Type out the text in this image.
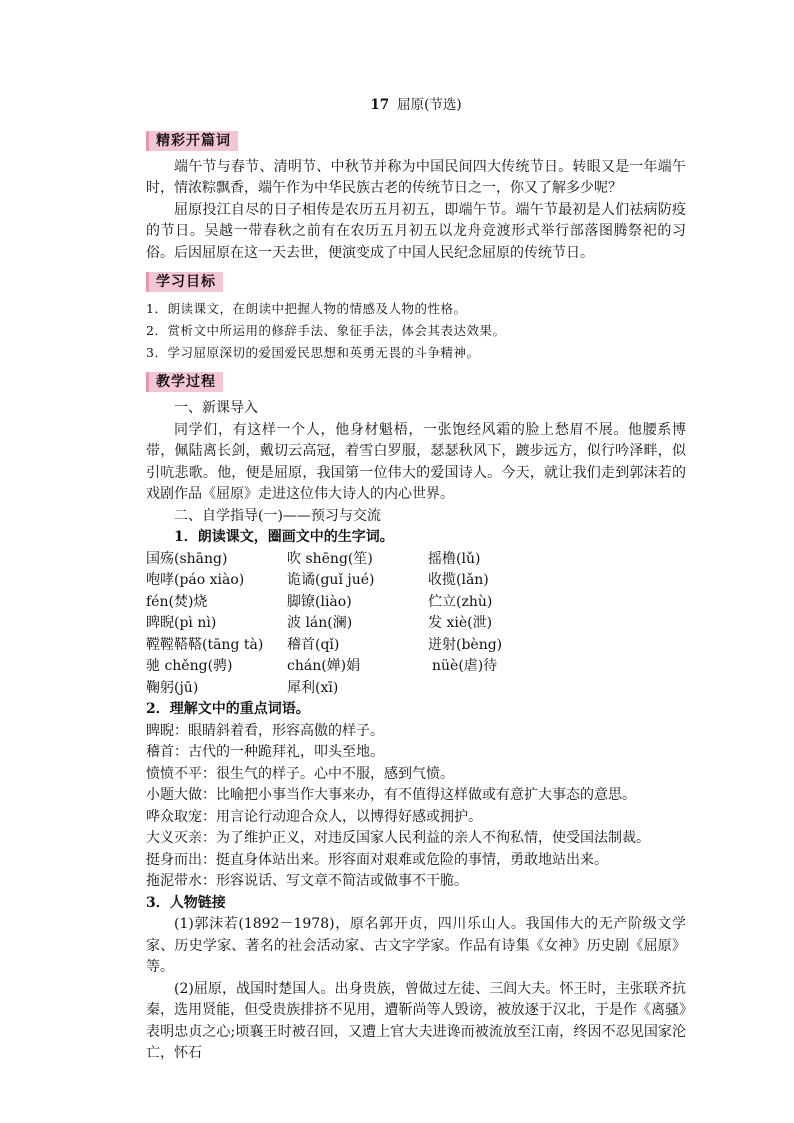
17 屈原(节选)
精彩开篇词

端午节与春节、清明节、中秋节并称为中国民间四大传统节日。转眼又是一年端午时，情浓粽飘香，端午作为中华民族古老的传统节日之一，你又了解多少呢？

屈原投江自尽的日子相传是农历五月初五，即端午节。端午节最初是人们祛病防疫的节日。吴越一带春秋之前有在农历五月初五以龙舟竞渡形式举行部落图腾祭祀的习俗。后因屈原在这一天去世，便演变成了中国人民纪念屈原的传统节日。

学习目标

1．朗读课文，在朗读中把握人物的情感及人物的性格。

2．赏析文中所运用的修辞手法、象征手法，体会其表达效果。

3．学习屈原深切的爱国爱民思想和英勇无畏的斗争精神。

教学过程

一、新课导入

同学们，有这样一个人，他身材魁梧，一张饱经风霜的脸上愁眉不展。他腰系博带，佩陆离长剑，戴切云高冠，着雪白罗服，瑟瑟秋风下，踱步远方，似行吟泽畔，似引吭悲歌。他，便是屈原，我国第一位伟大的爱国诗人。今天，就让我们走到郭沫若的戏剧作品《屈原》走进这位伟大诗人的内心世界。

二、自学指导(一)——预习与交流

1．朗读课文，圈画文中的生字词。

国殇(shāng)	吹 shēng(笙)	摇橹(lǔ)
咆哮(páo xiào)	诡谲(guǐ jué)	收揽(lǎn)
fén(焚)烧	脚镣(liào)	伫立(zhù)
睥睨(pì nì)	波 lán(澜)	发 xiè(泄)
鞺鞺鞳鞳(tāng tà)	稽首(qǐ)	迸射(bèng)
驰 chěng(骋)	chán(婵)娟	nüè(虐)待
鞠躬(jū)	犀利(xī)

2．理解文中的重点词语。

睥睨：眼睛斜着看，形容高傲的样子。

稽首：古代的一种跪拜礼，叩头至地。

愤愤不平：很生气的样子。心中不服，感到气愤。

小题大做：比喻把小事当作大事来办，有不值得这样做或有意扩大事态的意思。

哗众取宠：用言论行动迎合众人，以博得好感或拥护。

大义灭亲：为了维护正义，对违反国家人民利益的亲人不徇私情，使受国法制裁。

挺身而出：挺直身体站出来。形容面对艰难或危险的事情，勇敢地站出来。

拖泥带水：形容说话、写文章不简洁或做事不干脆。

3．人物链接

(1)郭沫若(1892－1978)，原名郭开贞，四川乐山人。我国伟大的无产阶级文学家、历史学家、著名的社会活动家、古文字学家。作品有诗集《女神》历史剧《屈原》等。

(2)屈原，战国时楚国人。出身贵族，曾做过左徒、三闾大夫。怀王时，主张联齐抗秦，选用贤能，但受贵族排挤不见用，遭靳尚等人毁谤，被放逐于汉北，于是作《离骚》表明忠贞之心;顷襄王时被召回，又遭上官大夫进谗而被流放至江南，终因不忍见国家沦亡，怀石
